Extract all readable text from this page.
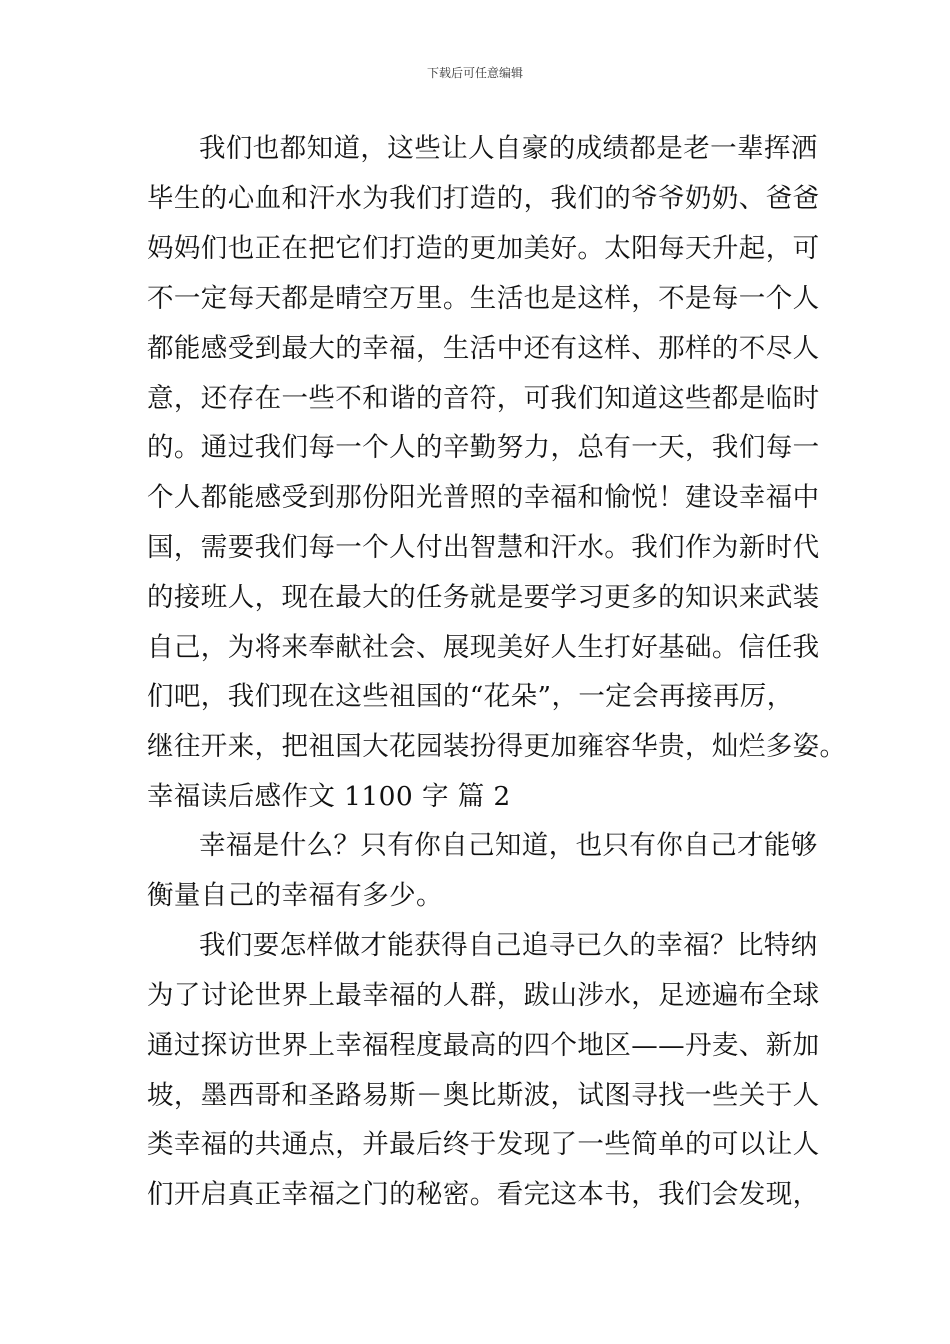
下载后可任意编辑
我们也都知道，这些让人自豪的成绩都是老一辈挥洒
毕生的心血和汗水为我们打造的，我们的爷爷奶奶、爸爸
妈妈们也正在把它们打造的更加美好。太阳每天升起，可
不一定每天都是晴空万里。生活也是这样，不是每一个人
都能感受到最大的幸福，生活中还有这样、那样的不尽人
意，还存在一些不和谐的音符，可我们知道这些都是临时
的。通过我们每一个人的辛勤努力，总有一天，我们每一
个人都能感受到那份阳光普照的幸福和愉悦！建设幸福中
国，需要我们每一个人付出智慧和汗水。我们作为新时代
的接班人，现在最大的任务就是要学习更多的知识来武装
自己，为将来奉献社会、展现美好人生打好基础。信任我
们吧，我们现在这些祖国的“花朵”，一定会再接再厉，
继往开来，把祖国大花园装扮得更加雍容华贵，灿烂多姿。
幸福读后感作文 1100 字 篇 2
幸福是什么？只有你自己知道，也只有你自己才能够
衡量自己的幸福有多少。
我们要怎样做才能获得自己追寻已久的幸福？比特纳
为了讨论世界上最幸福的人群，跋山涉水，足迹遍布全球
通过探访世界上幸福程度最高的四个地区——丹麦、新加
坡，墨西哥和圣路易斯－奥比斯波，试图寻找一些关于人
类幸福的共通点，并最后终于发现了一些简单的可以让人
们开启真正幸福之门的秘密。看完这本书，我们会发现，
